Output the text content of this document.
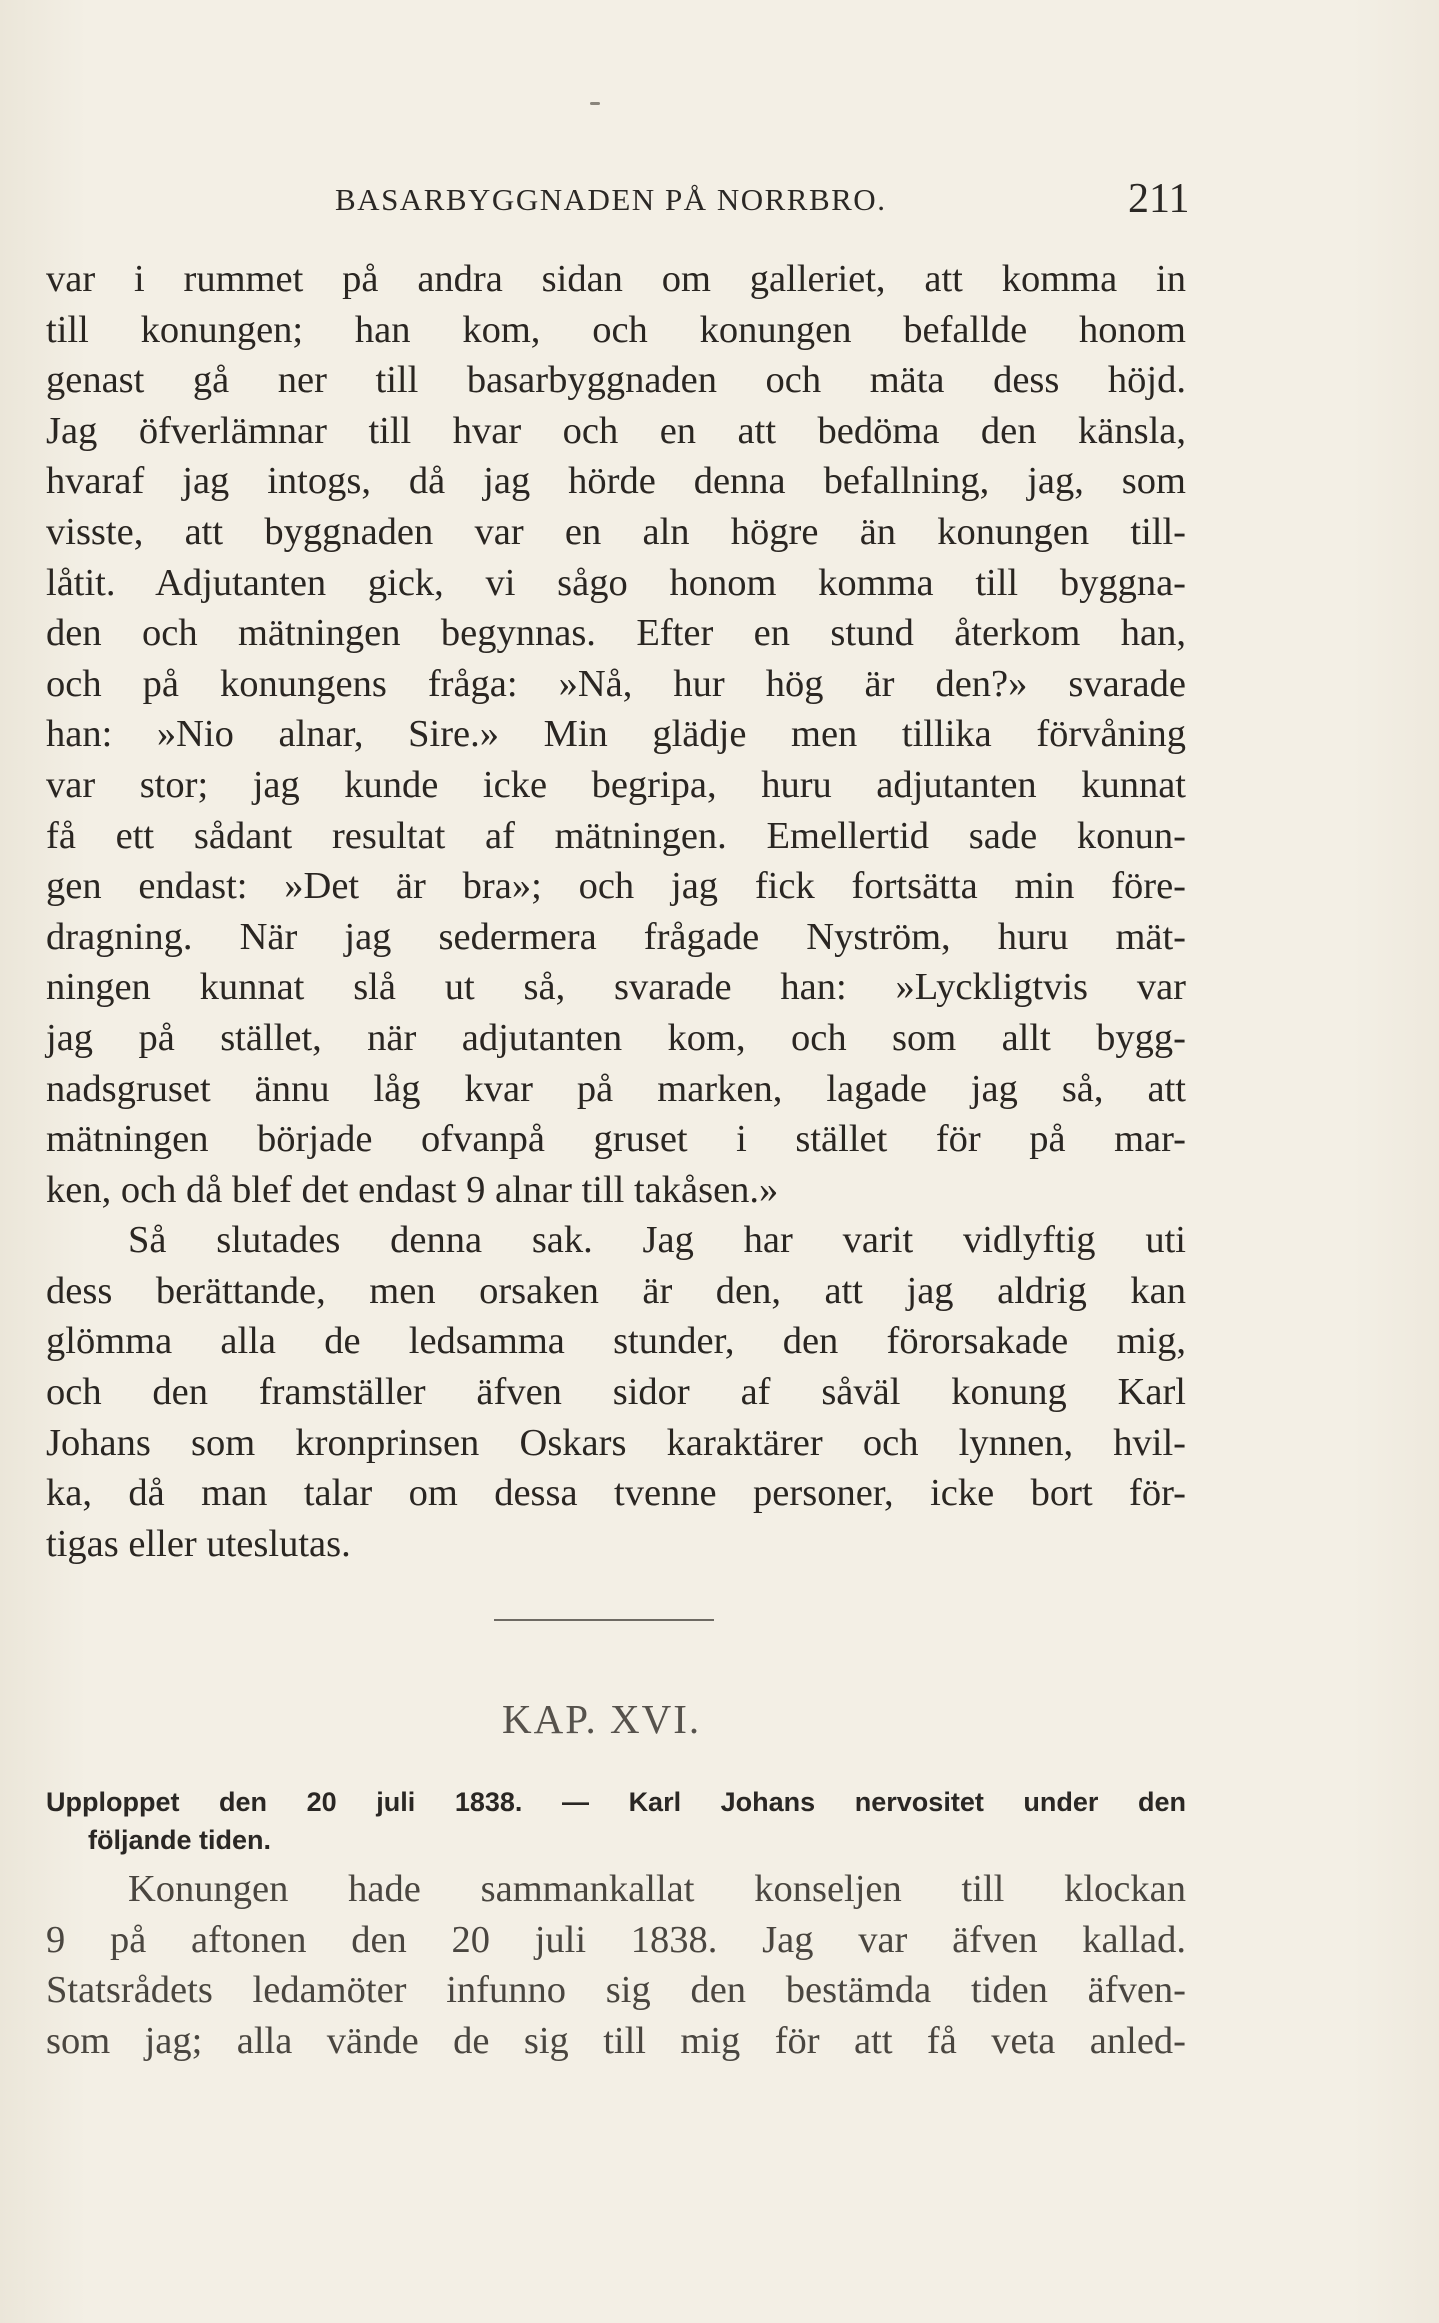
BASARBYGGNADEN PÅ NORRBRO.	211
var i rummet på andra sidan om galleriet, att komma in
till konungen; han kom, och konungen befallde honom
genast gå ner till basarbyggnaden och mäta dess höjd.
Jag öfverlämnar till hvar och en att bedöma den känsla,
hvaraf jag intogs, då jag hörde denna befallning, jag, som
visste, att byggnaden var en aln högre än konungen till-
låtit. Adjutanten gick, vi sågo honom komma till byggna-
den och mätningen begynnas. Efter en stund återkom han,
och på konungens fråga: »Nå, hur hög är den?» svarade
han: »Nio alnar, Sire.» Min glädje men tillika förvåning
var stor; jag kunde icke begripa, huru adjutanten kunnat
få ett sådant resultat af mätningen. Emellertid sade konun-
gen endast: »Det är bra»; och jag fick fortsätta min före-
dragning. När jag sedermera frågade Nyström, huru mät-
ningen kunnat slå ut så, svarade han: »Lyckligtvis var
jag på stället, när adjutanten kom, och som allt bygg-
nadsgruset ännu låg kvar på marken, lagade jag så, att
mätningen började ofvanpå gruset i stället för på mar-
ken, och då blef det endast 9 alnar till takåsen.»
Så slutades denna sak. Jag har varit vidlyftig uti
dess berättande, men orsaken är den, att jag aldrig kan
glömma alla de ledsamma stunder, den förorsakade mig,
och den framställer äfven sidor af såväl konung Karl
Johans som kronprinsen Oskars karaktärer och lynnen, hvil-
ka, då man talar om dessa tvenne personer, icke bort för-
tigas eller uteslutas.
KAP. XVI.
Upploppet den 20 juli 1838. — Karl Johans nervositet under den
följande tiden.
Konungen hade sammankallat konseljen till klockan
9 på aftonen den 20 juli 1838. Jag var äfven kallad.
Statsrådets ledamöter infunno sig den bestämda tiden äfven-
som jag; alla vände de sig till mig för att få veta anled-
